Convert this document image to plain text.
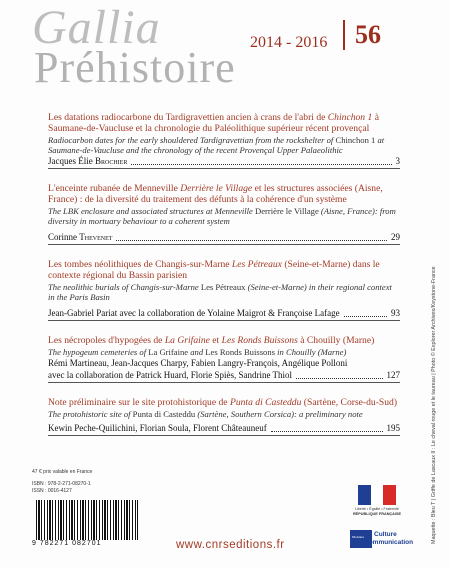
Gallia
Préhistoire
2014 - 2016 56
Les datations radiocarbone du Tardigravettien ancien à crans de l'abri de Chinchon 1 à Saumane-de-Vaucluse et la chronologie du Paléolithique supérieur récent provençal
Radiocarbon dates for the early shouldered Tardigravettian from the rockshelter of Chinchon 1 at Saumane-de-Vaucluse and the chronology of the recent Provençal Upper Palaeolithic
Jacques Élie Brochier	3
L'enceinte rubanée de Menneville Derrière le Village et les structures associées (Aisne, France) : de la diversité du traitement des défunts à la cohérence d'un système
The LBK enclosure and associated structures at Menneville Derrière le Village (Aisne, France): from diversity in mortuary behaviour to a coherent system
Corinne Thevenet	29
Les tombes néolithiques de Changis-sur-Marne Les Pétreaux (Seine-et-Marne) dans le contexte régional du Bassin parisien
The neolithic burials of Changis-sur-Marne Les Pétreaux (Seine-et-Marne) in their regional context in the Paris Basin
Jean-Gabriel Pariat avec la collaboration de Yolaine Maigrot & Françoise Lafage	93
Les nécropoles d'hypogées de La Grifaine et Les Ronds Buissons à Chouilly (Marne)
The hypogeum cemeteries of La Grifaine and Les Ronds Buissons in Chouilly (Marne)
Rémi Martineau, Jean-Jacques Charpy, Fabien Langry-François, Angélique Polloni
avec la collaboration de Patrick Huard, Florie Spiès, Sandrine Thiol	127
Note préliminaire sur le site protohistorique de Punta di Casteddu (Sartène, Corse-du-Sud)
The protohistoric site of Punta di Casteddu (Sartène, Southern Corsica): a preliminary note
Kewin Peche-Quilichini, Florian Soula, Florent Châteauneuf	195	Maquette : Bleu T | Griffe de Lascaux II : Le cheval rouge et le taureau | Photo © Explorer Archives/Keystone-France
47 € prix valable en France
ISBN : 978-2-271-08270-1
ISSN : 0016-4127
9 782271 082701	www.cnrseditions.fr
Liberté • Égalité • Fraternité
RÉPUBLIQUE FRANÇAISE
Ministère Culture
Communication
